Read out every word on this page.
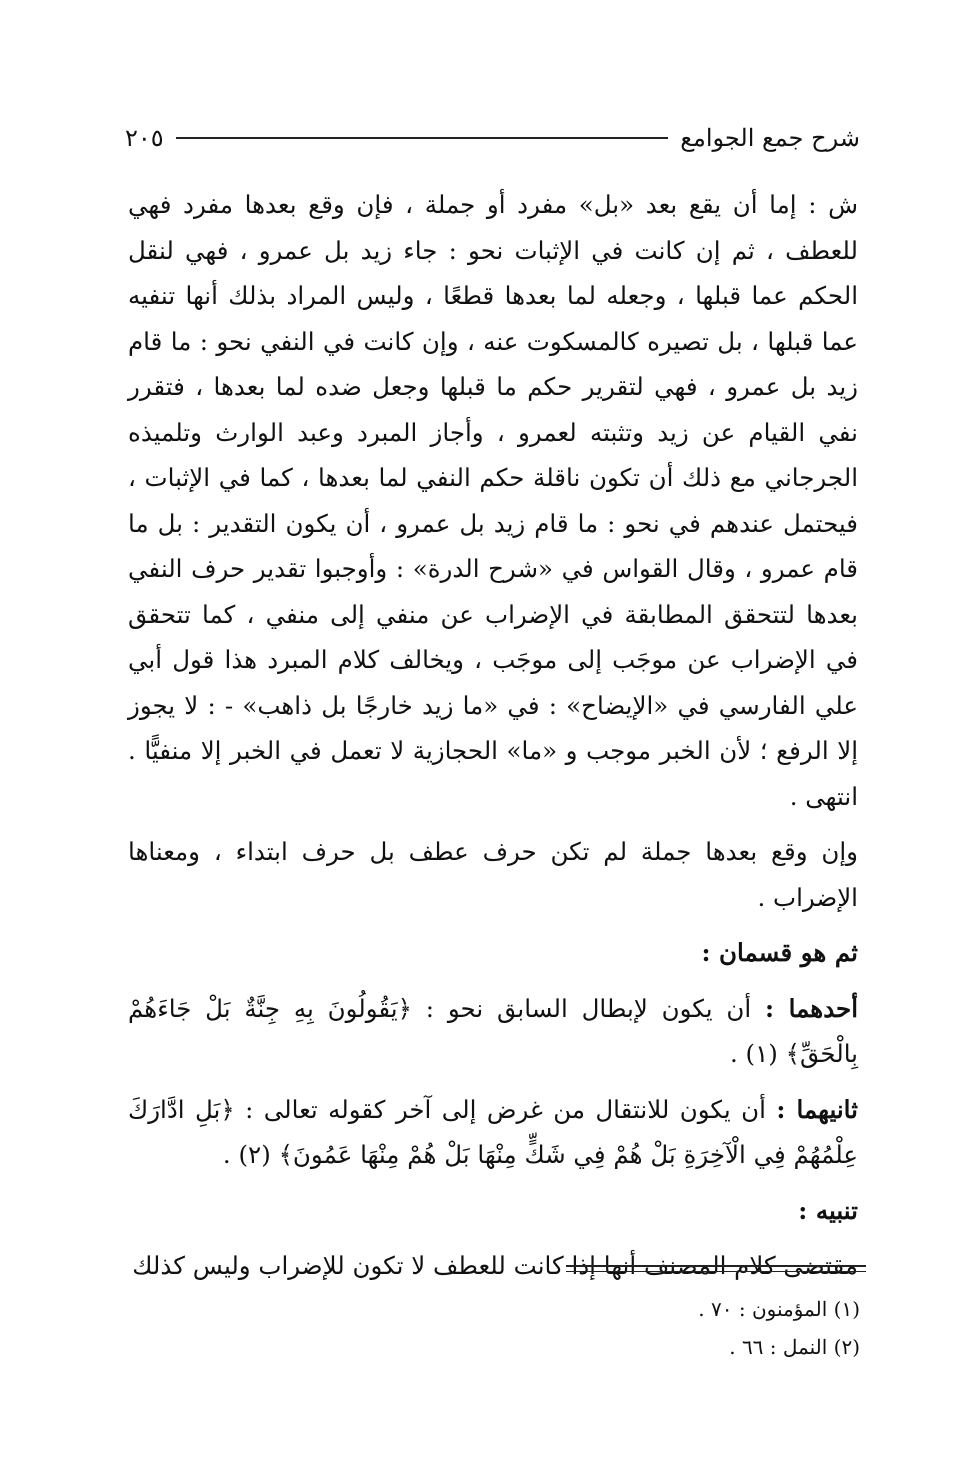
شرح جمع الجوامع
٢٠٥

ش : إما أن يقع بعد «بل» مفرد أو جملة ، فإن وقع بعدها مفرد فهي للعطف ، ثم إن كانت في الإثبات نحو : جاء زيد بل عمرو ، فهي لنقل الحكم عما قبلها ، وجعله لما بعدها قطعًا ، وليس المراد بذلك أنها تنفيه عما قبلها ، بل تصيره كالمسكوت عنه ، وإن كانت في النفي نحو : ما قام زيد بل عمرو ، فهي لتقرير حكم ما قبلها وجعل ضده لما بعدها ، فتقرر نفي القيام عن زيد وتثبته لعمرو ، وأجاز المبرد وعبد الوارث وتلميذه الجرجاني مع ذلك أن تكون ناقلة حكم النفي لما بعدها ، كما في الإثبات ، فيحتمل عندهم في نحو : ما قام زيد بل عمرو ، أن يكون التقدير : بل ما قام عمرو ، وقال القواس في «شرح الدرة» : وأوجبوا تقدير حرف النفي بعدها لتتحقق المطابقة في الإضراب عن منفي إلى منفي ، كما تتحقق في الإضراب عن موجَب إلى موجَب ، ويخالف كلام المبرد هذا قول أبي علي الفارسي في «الإيضاح» : في «ما زيد خارجًا بل ذاهب» - : لا يجوز إلا الرفع ؛ لأن الخبر موجب و «ما» الحجازية لا تعمل في الخبر إلا منفيًّا . انتهى .

وإن وقع بعدها جملة لم تكن حرف عطف بل حرف ابتداء ، ومعناها الإضراب .

ثم هو قسمان :

أحدهما : أن يكون لإبطال السابق نحو : ﴿يَقُولُونَ بِهِ جِنَّةٌ بَلْ جَاءَهُمْ بِالْحَقِّ﴾ (١) .

ثانيهما : أن يكون للانتقال من غرض إلى آخر كقوله تعالى : ﴿بَلِ ادَّارَكَ عِلْمُهُمْ فِي الْآخِرَةِ بَلْ هُمْ فِي شَكٍّ مِنْهَا بَلْ هُمْ مِنْهَا عَمُونَ﴾ (٢) .

تنبيه :

مقتضى كلام المصنف أنها إذا كانت للعطف لا تكون للإضراب وليس كذلك

(١) المؤمنون : ٧٠ .
(٢) النمل : ٦٦ .
